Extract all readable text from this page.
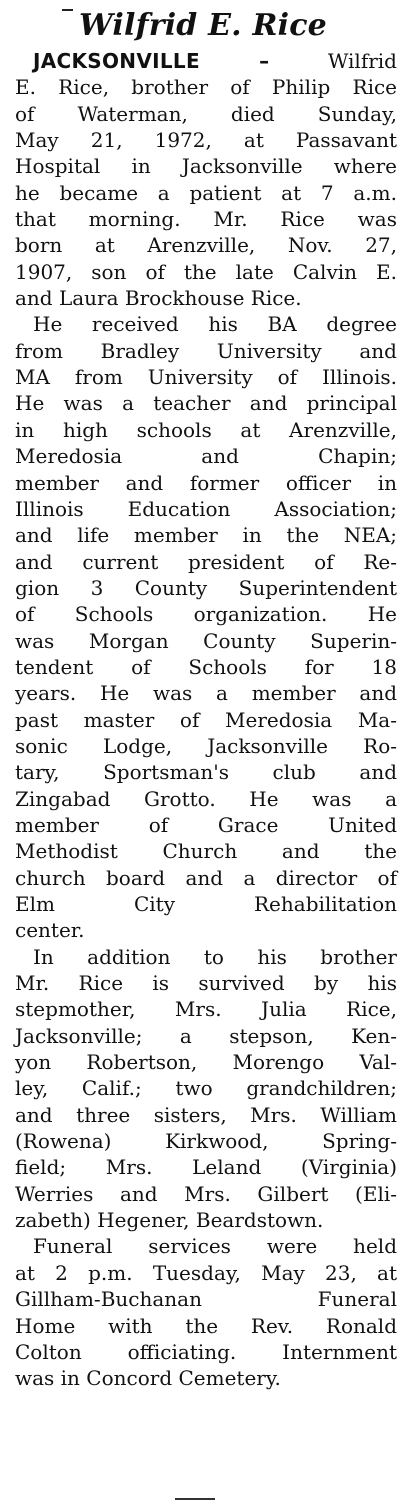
Wilfrid E. Rice
JACKSONVILLE – Wilfrid
E. Rice, brother of Philip Rice
of Waterman, died Sunday,
May 21, 1972, at Passavant
Hospital in Jacksonville where
he became a patient at 7 a.m.
that morning. Mr. Rice was
born at Arenzville, Nov. 27,
1907, son of the late Calvin E.
and Laura Brockhouse Rice.
He received his BA degree
from Bradley University and
MA from University of Illinois.
He was a teacher and principal
in high schools at Arenzville,
Meredosia and Chapin;
member and former officer in
Illinois Education Association;
and life member in the NEA;
and current president of Re-
gion 3 County Superintendent
of Schools organization. He
was Morgan County Superin-
tendent of Schools for 18
years. He was a member and
past master of Meredosia Ma-
sonic Lodge, Jacksonville Ro-
tary, Sportsman's club and
Zingabad Grotto. He was a
member of Grace United
Methodist Church and the
church board and a director of
Elm City Rehabilitation
center.
In addition to his brother
Mr. Rice is survived by his
stepmother, Mrs. Julia Rice,
Jacksonville; a stepson, Ken-
yon Robertson, Morengo Val-
ley, Calif.; two grandchildren;
and three sisters, Mrs. William
(Rowena) Kirkwood, Spring-
field; Mrs. Leland (Virginia)
Werries and Mrs. Gilbert (Eli-
zabeth) Hegener, Beardstown.
Funeral services were held
at 2 p.m. Tuesday, May 23, at
Gillham-Buchanan Funeral
Home with the Rev. Ronald
Colton officiating. Internment
was in Concord Cemetery.
